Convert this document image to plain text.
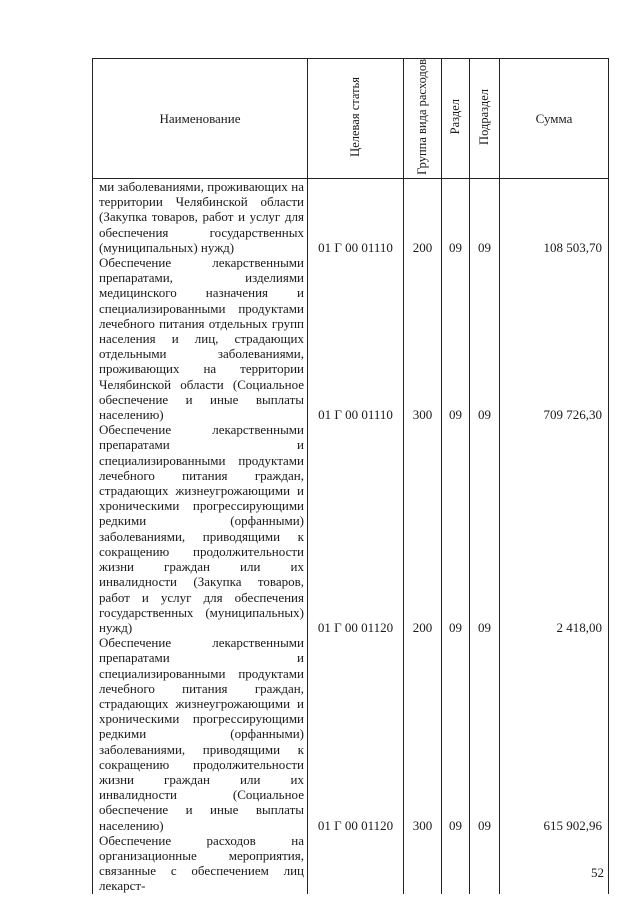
Наименование	Целевая статья	Группа вида расходов	Раздел	Подраздел	Сумма
ми заболеваниями, проживающих на территории Челябинской области (Закупка товаров, работ и услуг для обеспечения государственных (муниципальных) нужд)	01 Г 00 01110	200	09	09	108 503,70
Обеспечение лекарственными препаратами, изделиями медицинского назначения и специализированными продуктами лечебного питания отдельных групп населения и лиц, страдающих отдельными заболеваниями, проживающих на территории Челябинской области (Социальное обеспечение и иные выплаты населению)	01 Г 00 01110	300	09	09	709 726,30
Обеспечение лекарственными препаратами и специализированными продуктами лечебного питания граждан, страдающих жизнеугрожающими и хроническими прогрессирующими редкими (орфанными) заболеваниями, приводящими к сокращению продолжительности жизни граждан или их инвалидности (Закупка товаров, работ и услуг для обеспечения государственных (муниципальных) нужд)	01 Г 00 01120	200	09	09	2 418,00
Обеспечение лекарственными препаратами и специализированными продуктами лечебного питания граждан, страдающих жизнеугрожающими и хроническими прогрессирующими редкими (орфанными) заболеваниями, приводящими к сокращению продолжительности жизни граждан или их инвалидности (Социальное обеспечение и иные выплаты населению)	01 Г 00 01120	300	09	09	615 902,96
Обеспечение расходов на организационные мероприятия, связанные с обеспечением лиц лекарст-					
52
